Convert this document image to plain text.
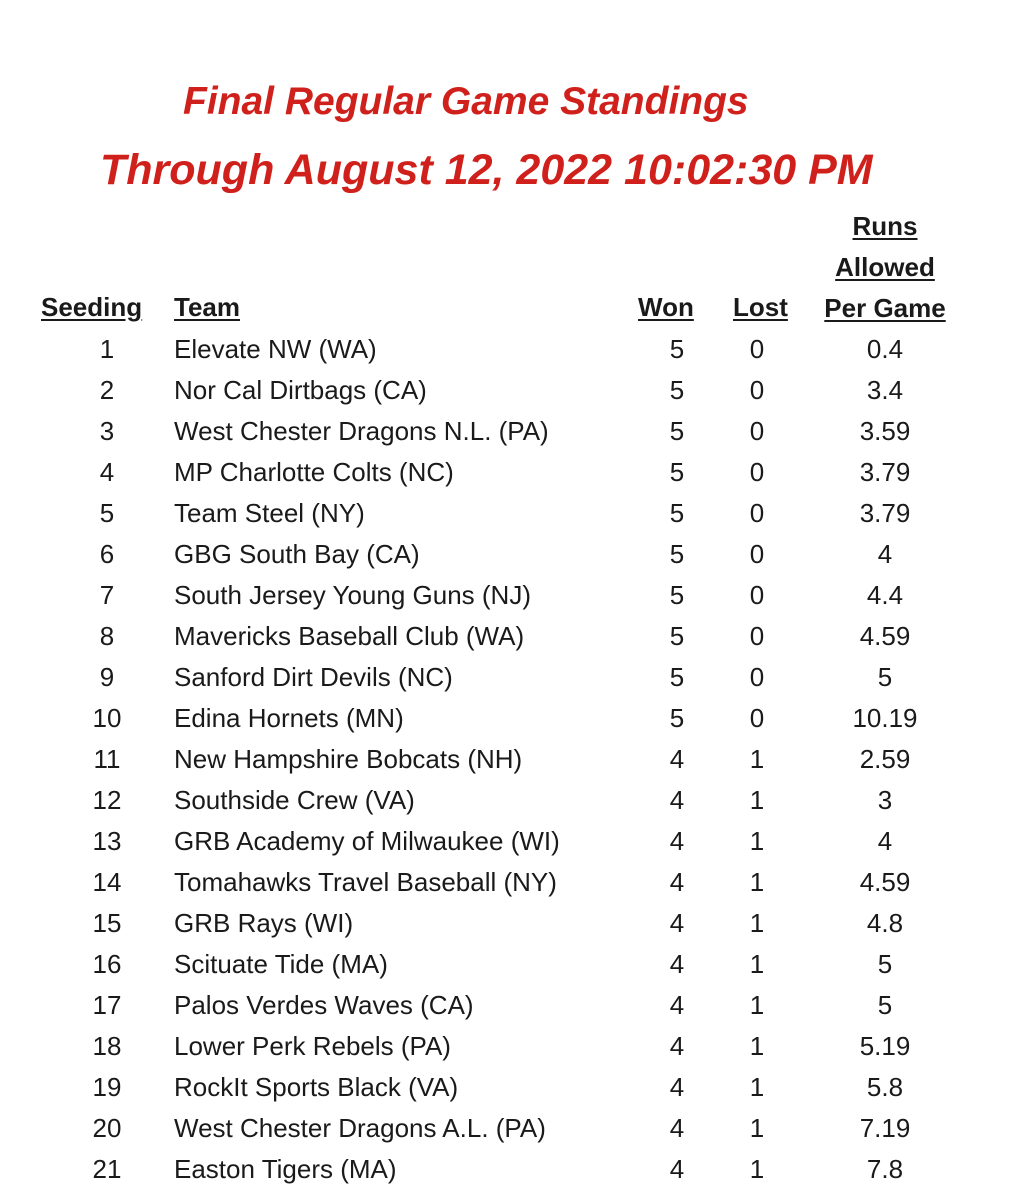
Final Regular Game Standings
Through August 12, 2022 10:02:30 PM
Runs
Allowed
Per Game
Seeding Team	Won Lost
1	Elevate NW (WA)	5	0	0.4
2	Nor Cal Dirtbags (CA)	5	0	3.4
3	West Chester Dragons N.L. (PA)	5	0	3.59
4	MP Charlotte Colts (NC)	5	0	3.79
5	Team Steel (NY)	5	0	3.79
6	GBG South Bay (CA)	5	0	4
7	South Jersey Young Guns (NJ)	5	0	4.4
8	Mavericks Baseball Club (WA)	5	0	4.59
9	Sanford Dirt Devils (NC)	5	0	5
10	Edina Hornets (MN)	5	0	10.19
11	New Hampshire Bobcats (NH)	4	1	2.59
12	Southside Crew (VA)	4	1	3
13	GRB Academy of Milwaukee (WI)	4	1	4
14	Tomahawks Travel Baseball (NY)	4	1	4.59
15	GRB Rays (WI)	4	1	4.8
16	Scituate Tide (MA)	4	1	5
17	Palos Verdes Waves (CA)	4	1	5
18	Lower Perk Rebels (PA)	4	1	5.19
19	RockIt Sports Black (VA)	4	1	5.8
20	West Chester Dragons A.L. (PA)	4	1	7.19
21	Easton Tigers (MA)	4	1	7.8
